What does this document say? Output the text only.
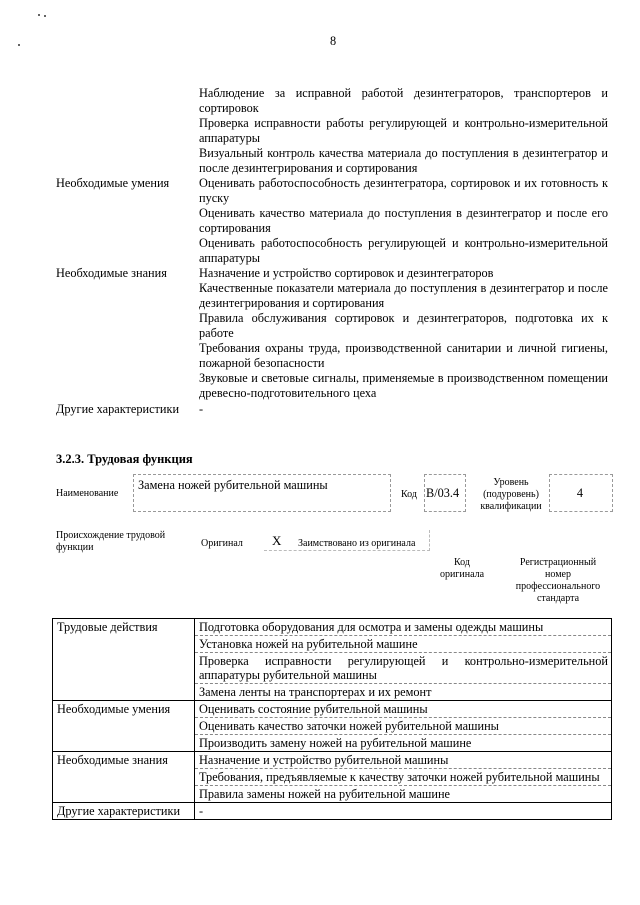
8
Наблюдение за исправной работой дезинтеграторов, транспортеров и сортировок
Проверка исправности работы регулирующей и контрольно-измерительной аппаратуры
Визуальный контроль качества материала до поступления в дезинтегратор и после дезинтегрирования и сортирования
Необходимые умения	Оценивать работоспособность дезинтегратора, сортировок и их готовность к пуску
Оценивать качество материала до поступления в дезинтегратор и после его сортирования
Оценивать работоспособность регулирующей и контрольно-измерительной аппаратуры
Необходимые знания	Назначение и устройство сортировок и дезинтеграторов
Качественные показатели материала до поступления в дезинтегратор и после дезинтегрирования и сортирования
Правила обслуживания сортировок и дезинтеграторов, подготовка их к работе
Требования охраны труда, производственной санитарии и личной гигиены, пожарной безопасности
Звуковые и световые сигналы, применяемые в производственном помещении древесно-подготовительного цеха
Другие характеристики	-
3.2.3. Трудовая функция
Наименование
Замена ножей рубительной машины
Код B/03.4
Уровень (подуровень) квалификации
4
Происхождение трудовой функции	Оригинал X Заимствовано из оригинала
Код оригинала
Регистрационный номер профессионального стандарта
Трудовые действия	Подготовка оборудования для осмотра и замены одежды машины
	Установка ножей на рубительной машине
	Проверка исправности регулирующей и контрольно-измерительной аппаратуры рубительной машины
	Замена ленты на транспортерах и их ремонт
Необходимые умения	Оценивать состояние рубительной машины
	Оценивать качество заточки ножей рубительной машины
	Производить замену ножей на рубительной машине
Необходимые знания	Назначение и устройство рубительной машины
	Требования, предъявляемые к качеству заточки ножей рубительной машины
	Правила замены ножей на рубительной машине
Другие характеристики	-
